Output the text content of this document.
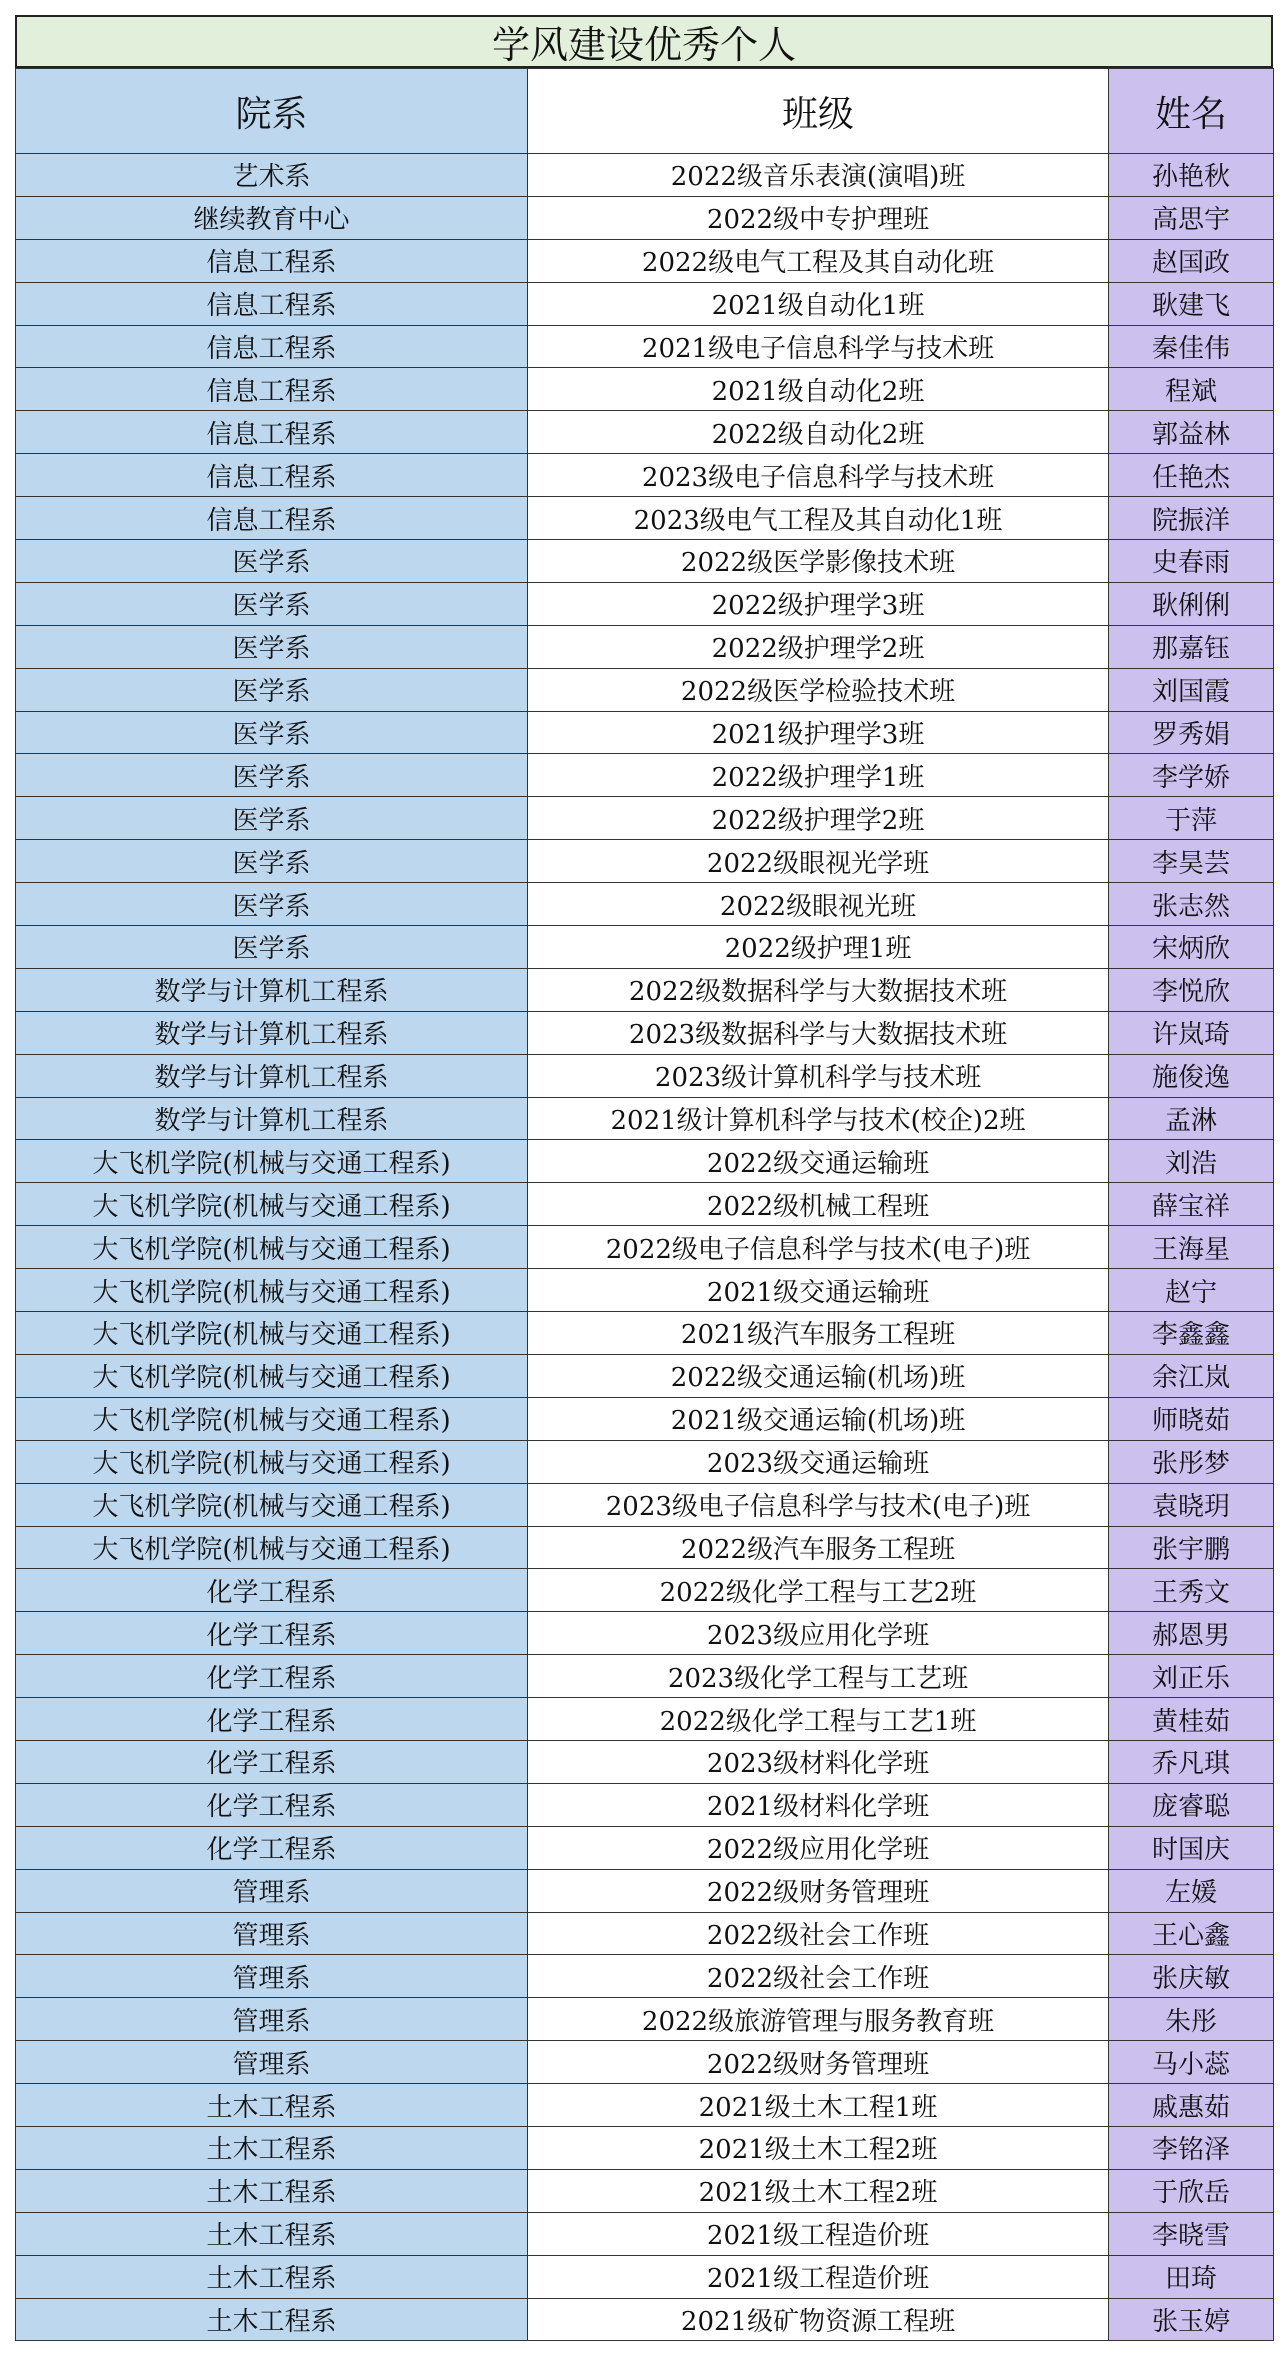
学风建设优秀个人
院系	班级	姓名
艺术系	2022级音乐表演(演唱)班	孙艳秋
继续教育中心	2022级中专护理班	高思宇
信息工程系	2022级电气工程及其自动化班	赵国政
信息工程系	2021级自动化1班	耿建飞
信息工程系	2021级电子信息科学与技术班	秦佳伟
信息工程系	2021级自动化2班	程斌
信息工程系	2022级自动化2班	郭益林
信息工程系	2023级电子信息科学与技术班	任艳杰
信息工程系	2023级电气工程及其自动化1班	院振洋
医学系	2022级医学影像技术班	史春雨
医学系	2022级护理学3班	耿俐俐
医学系	2022级护理学2班	那嘉钰
医学系	2022级医学检验技术班	刘国霞
医学系	2021级护理学3班	罗秀娟
医学系	2022级护理学1班	李学娇
医学系	2022级护理学2班	于萍
医学系	2022级眼视光学班	李昊芸
医学系	2022级眼视光班	张志然
医学系	2022级护理1班	宋炳欣
数学与计算机工程系	2022级数据科学与大数据技术班	李悦欣
数学与计算机工程系	2023级数据科学与大数据技术班	许岚琦
数学与计算机工程系	2023级计算机科学与技术班	施俊逸
数学与计算机工程系	2021级计算机科学与技术(校企)2班	孟淋
大飞机学院(机械与交通工程系)	2022级交通运输班	刘浩
大飞机学院(机械与交通工程系)	2022级机械工程班	薛宝祥
大飞机学院(机械与交通工程系)	2022级电子信息科学与技术(电子)班	王海星
大飞机学院(机械与交通工程系)	2021级交通运输班	赵宁
大飞机学院(机械与交通工程系)	2021级汽车服务工程班	李鑫鑫
大飞机学院(机械与交通工程系)	2022级交通运输(机场)班	余江岚
大飞机学院(机械与交通工程系)	2021级交通运输(机场)班	师晓茹
大飞机学院(机械与交通工程系)	2023级交通运输班	张彤梦
大飞机学院(机械与交通工程系)	2023级电子信息科学与技术(电子)班	袁晓玥
大飞机学院(机械与交通工程系)	2022级汽车服务工程班	张宇鹏
化学工程系	2022级化学工程与工艺2班	王秀文
化学工程系	2023级应用化学班	郝恩男
化学工程系	2023级化学工程与工艺班	刘正乐
化学工程系	2022级化学工程与工艺1班	黄桂茹
化学工程系	2023级材料化学班	乔凡琪
化学工程系	2021级材料化学班	庞睿聪
化学工程系	2022级应用化学班	时国庆
管理系	2022级财务管理班	左媛
管理系	2022级社会工作班	王心鑫
管理系	2022级社会工作班	张庆敏
管理系	2022级旅游管理与服务教育班	朱彤
管理系	2022级财务管理班	马小蕊
土木工程系	2021级土木工程1班	戚惠茹
土木工程系	2021级土木工程2班	李铭泽
土木工程系	2021级土木工程2班	于欣岳
土木工程系	2021级工程造价班	李晓雪
土木工程系	2021级工程造价班	田琦
土木工程系	2021级矿物资源工程班	张玉婷
